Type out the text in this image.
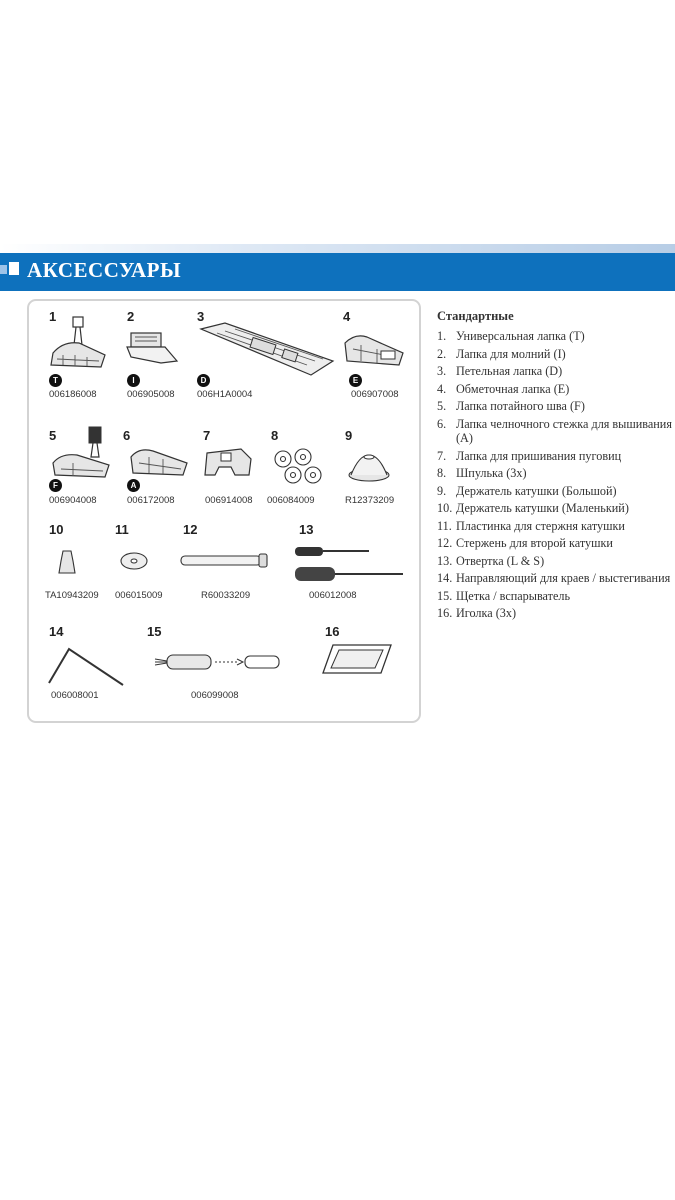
АКСЕССУАРЫ
1
T
006186008
2
I
006905008
3
D
006H1A0004
4
E
006907008
5
F
006904008
6
A
006172008
7
006914008
8
006084009
9
R12373209
10
TA10943209
11
006015009
12
R60033209
13
006012008
14
006008001
15
006099008
16
Стандартные
1. Универсальная лапка (T)
2. Лапка для молний (I)
3. Петельная лапка (D)
4. Обметочная лапка (E)
5. Лапка потайного шва (F)
6. Лапка челночного стежка для вышивания (A)
7. Лапка для пришивания пуговиц
8. Шпулька (3x)
9. Держатель катушки (Большой)
10. Держатель катушки (Маленький)
11. Пластинка для стержня катушки
12. Стержень для второй катушки
13. Отвертка (L & S)
14. Направляющий для краев / выстегивания
15. Щетка / вспарыватель
16. Иголка (3x)
